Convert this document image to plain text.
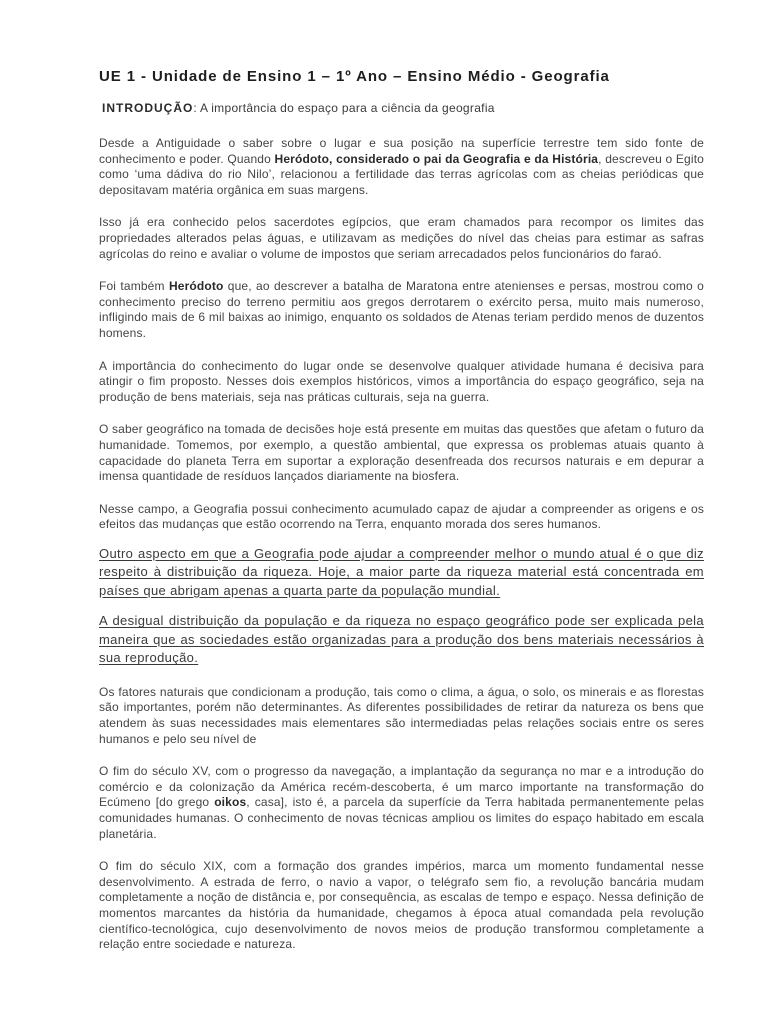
UE 1 - Unidade de Ensino 1 – 1º Ano – Ensino Médio - Geografia
INTRODUÇÃO: A importância do espaço para a ciência da geografia

Desde a Antiguidade o saber sobre o lugar e sua posição na superfície terrestre tem sido fonte de conhecimento e poder. Quando Heródoto, considerado o pai da Geografia e da História, descreveu o Egito como ‘uma dádiva do rio Nilo’, relacionou a fertilidade das terras agrícolas com as cheias periódicas que depositavam matéria orgânica em suas margens.

Isso já era conhecido pelos sacerdotes egípcios, que eram chamados para recompor os limites das propriedades alterados pelas águas, e utilizavam as medições do nível das cheias para estimar as safras agrícolas do reino e avaliar o volume de impostos que seriam arrecadados pelos funcionários do faraó.

Foi também Heródoto que, ao descrever a batalha de Maratona entre atenienses e persas, mostrou como o conhecimento preciso do terreno permitiu aos gregos derrotarem o exército persa, muito mais numeroso, infligindo mais de 6 mil baixas ao inimigo, enquanto os soldados de Atenas teriam perdido menos de duzentos homens.

A importância do conhecimento do lugar onde se desenvolve qualquer atividade humana é decisiva para atingir o fim proposto. Nesses dois exemplos históricos, vimos a importância do espaço geográfico, seja na produção de bens materiais, seja nas práticas culturais, seja na guerra.

O saber geográfico na tomada de decisões hoje está presente em muitas das questões que afetam o futuro da humanidade. Tomemos, por exemplo, a questão ambiental, que expressa os problemas atuais quanto à capacidade do planeta Terra em suportar a exploração desenfreada dos recursos naturais e em depurar a imensa quantidade de resíduos lançados diariamente na biosfera.

Nesse campo, a Geografia possui conhecimento acumulado capaz de ajudar a compreender as origens e os efeitos das mudanças que estão ocorrendo na Terra, enquanto morada dos seres humanos.

Outro aspecto em que a Geografia pode ajudar a compreender melhor o mundo atual é o que diz respeito à distribuição da riqueza. Hoje, a maior parte da riqueza material está concentrada em países que abrigam apenas a quarta parte da população mundial.

A desigual distribuição da população e da riqueza no espaço geográfico pode ser explicada pela maneira que as sociedades estão organizadas para a produção dos bens materiais necessários à sua reprodução.

Os fatores naturais que condicionam a produção, tais como o clima, a água, o solo, os minerais e as florestas são importantes, porém não determinantes. As diferentes possibilidades de retirar da natureza os bens que atendem às suas necessidades mais elementares são intermediadas pelas relações sociais entre os seres humanos e pelo seu nível de

O fim do século XV, com o progresso da navegação, a implantação da segurança no mar e a introdução do comércio e da colonização da América recém-descoberta, é um marco importante na transformação do Ecúmeno [do grego oikos, casa], isto é, a parcela da superfície da Terra habitada permanentemente pelas comunidades humanas. O conhecimento de novas técnicas ampliou os limites do espaço habitado em escala planetária.

O fim do século XIX, com a formação dos grandes impérios, marca um momento fundamental nesse desenvolvimento. A estrada de ferro, o navio a vapor, o telégrafo sem fio, a revolução bancária mudam completamente a noção de distância e, por consequência, as escalas de tempo e espaço. Nessa definição de momentos marcantes da história da humanidade, chegamos à época atual comandada pela revolução científico-tecnológica, cujo desenvolvimento de novos meios de produção transformou completamente a relação entre sociedade e natureza.
